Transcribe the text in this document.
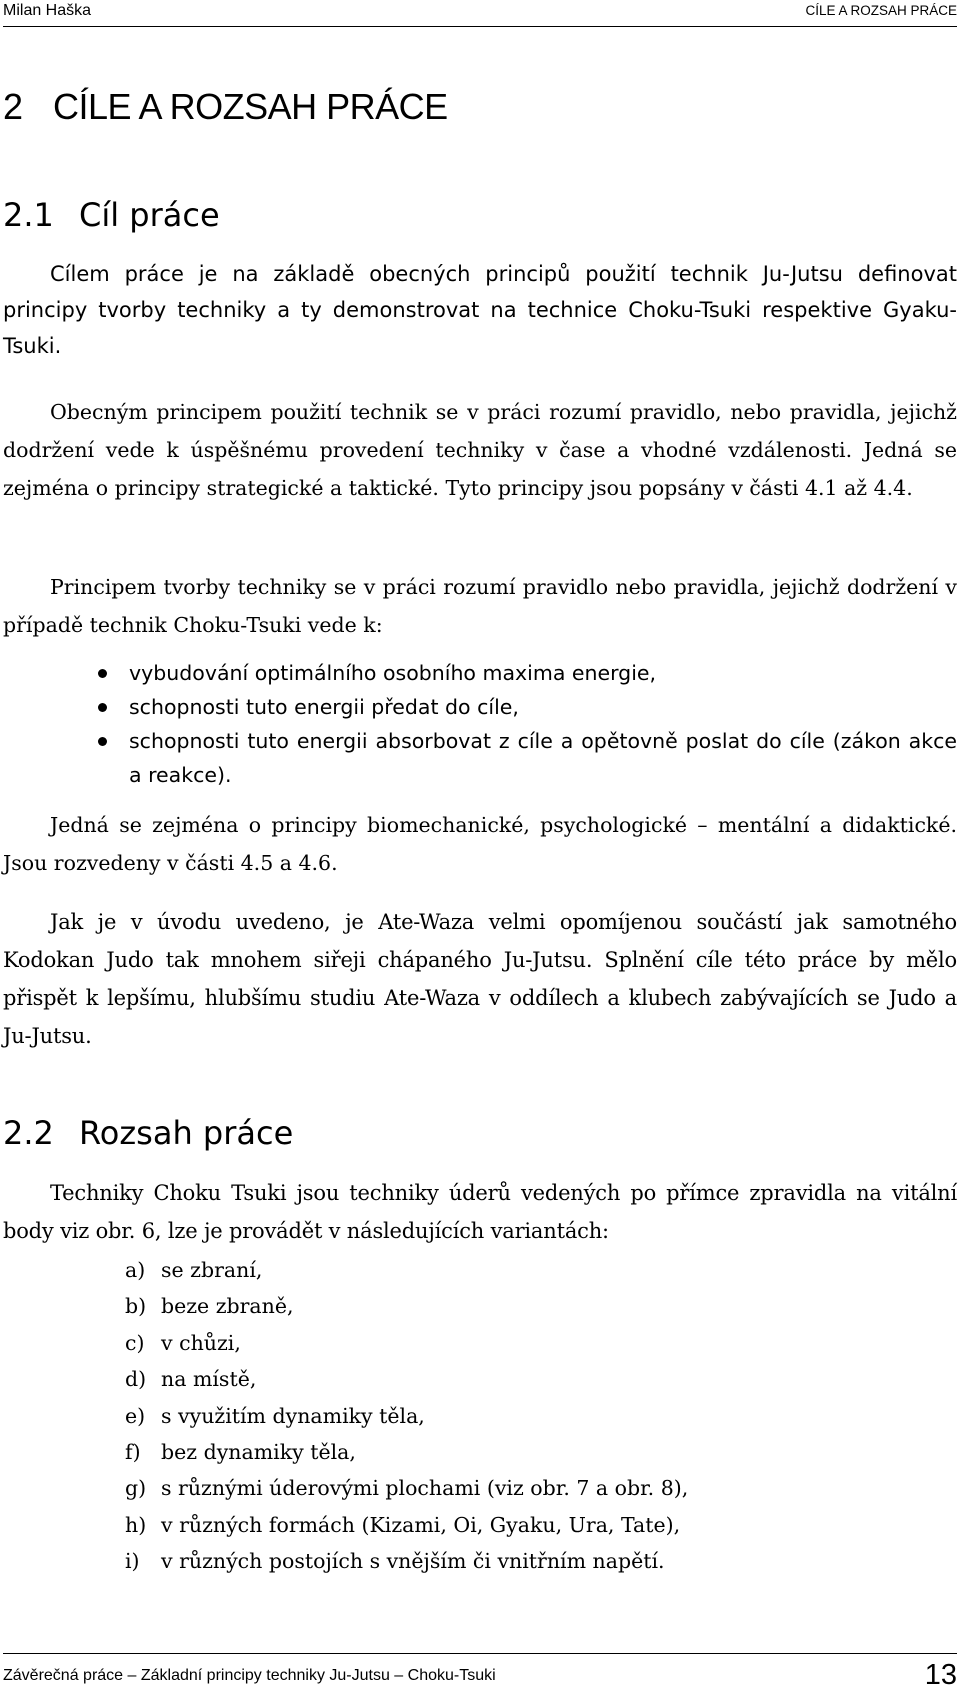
Milan Haška	CÍLE A ROZSAH PRÁCE
2 CÍLE A ROZSAH PRÁCE
2.1 Cíl práce

Cílem práce je na základě obecných principů použití technik Ju-Jutsu definovat principy tvorby techniky a ty demonstrovat na technice Choku-Tsuki respektive Gyaku-Tsuki.

Obecným principem použití technik se v práci rozumí pravidlo, nebo pravidla, jejichž dodržení vede k úspěšnému provedení techniky v čase a vhodné vzdálenosti. Jedná se zejména o principy strategické a taktické. Tyto principy jsou popsány v části 4.1 až 4.4.

Principem tvorby techniky se v práci rozumí pravidlo nebo pravidla, jejichž dodržení v případě technik Choku-Tsuki vede k:

vybudování optimálního osobního maxima energie,
schopnosti tuto energii předat do cíle,
schopnosti tuto energii absorbovat z cíle a opětovně poslat do cíle (zákon akce a reakce).

Jedná se zejména o principy biomechanické, psychologické – mentální a didaktické. Jsou rozvedeny v části 4.5 a 4.6.

Jak je v úvodu uvedeno, je Ate-Waza velmi opomíjenou součástí jak samotného Kodokan Judo tak mnohem siřeji chápaného Ju-Jutsu. Splnění cíle této práce by mělo přispět k lepšímu, hlubšímu studiu Ate-Waza v oddílech a klubech zabývajících se Judo a Ju-Jutsu.

2.2 Rozsah práce

Techniky Choku Tsuki jsou techniky úderů vedených po přímce zpravidla na vitální body viz obr. 6, lze je provádět v následujících variantách:

a) se zbraní,
b) beze zbraně,
c) v chůzi,
d) na místě,
e) s využitím dynamiky těla,
f) bez dynamiky těla,
g) s různými úderovými plochami (viz obr. 7 a obr. 8),
h) v různých formách (Kizami, Oi, Gyaku, Ura, Tate),
i) v různých postojích s vnějším či vnitřním napětí.
Závěrečná práce – Základní principy techniky Ju-Jutsu – Choku-Tsuki	13
